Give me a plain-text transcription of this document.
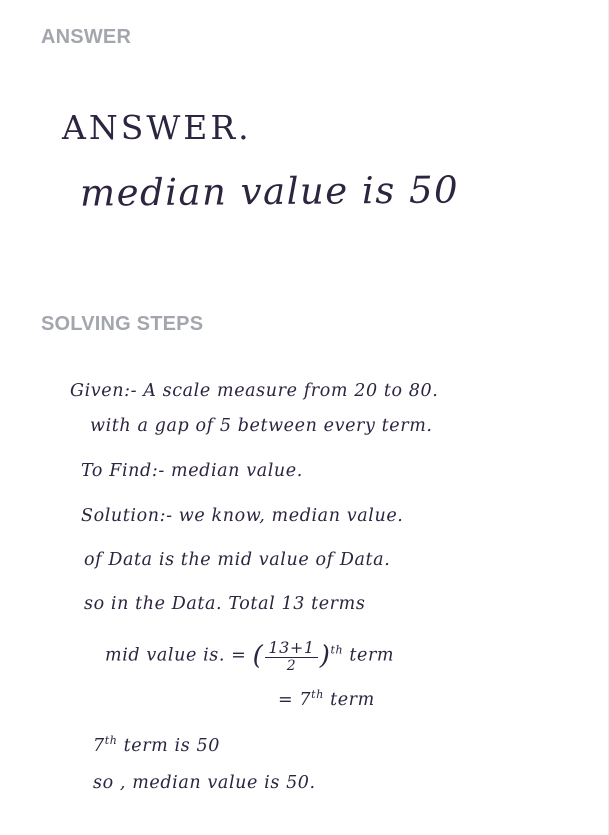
ANSWER
ANSWER.
median value is 50
SOLVING STEPS
Given:- A scale measure from 20 to 80.
with a gap of 5 between every term.
To Find:- median value.
Solution:- we know, median value.
of Data is the mid value of Data.
so in the Data. Total 13 terms
mid value is. = ( $\frac{13+1}{2} )^{th}$ term
= 7th term
7th term is 50
so , median value is 50.
